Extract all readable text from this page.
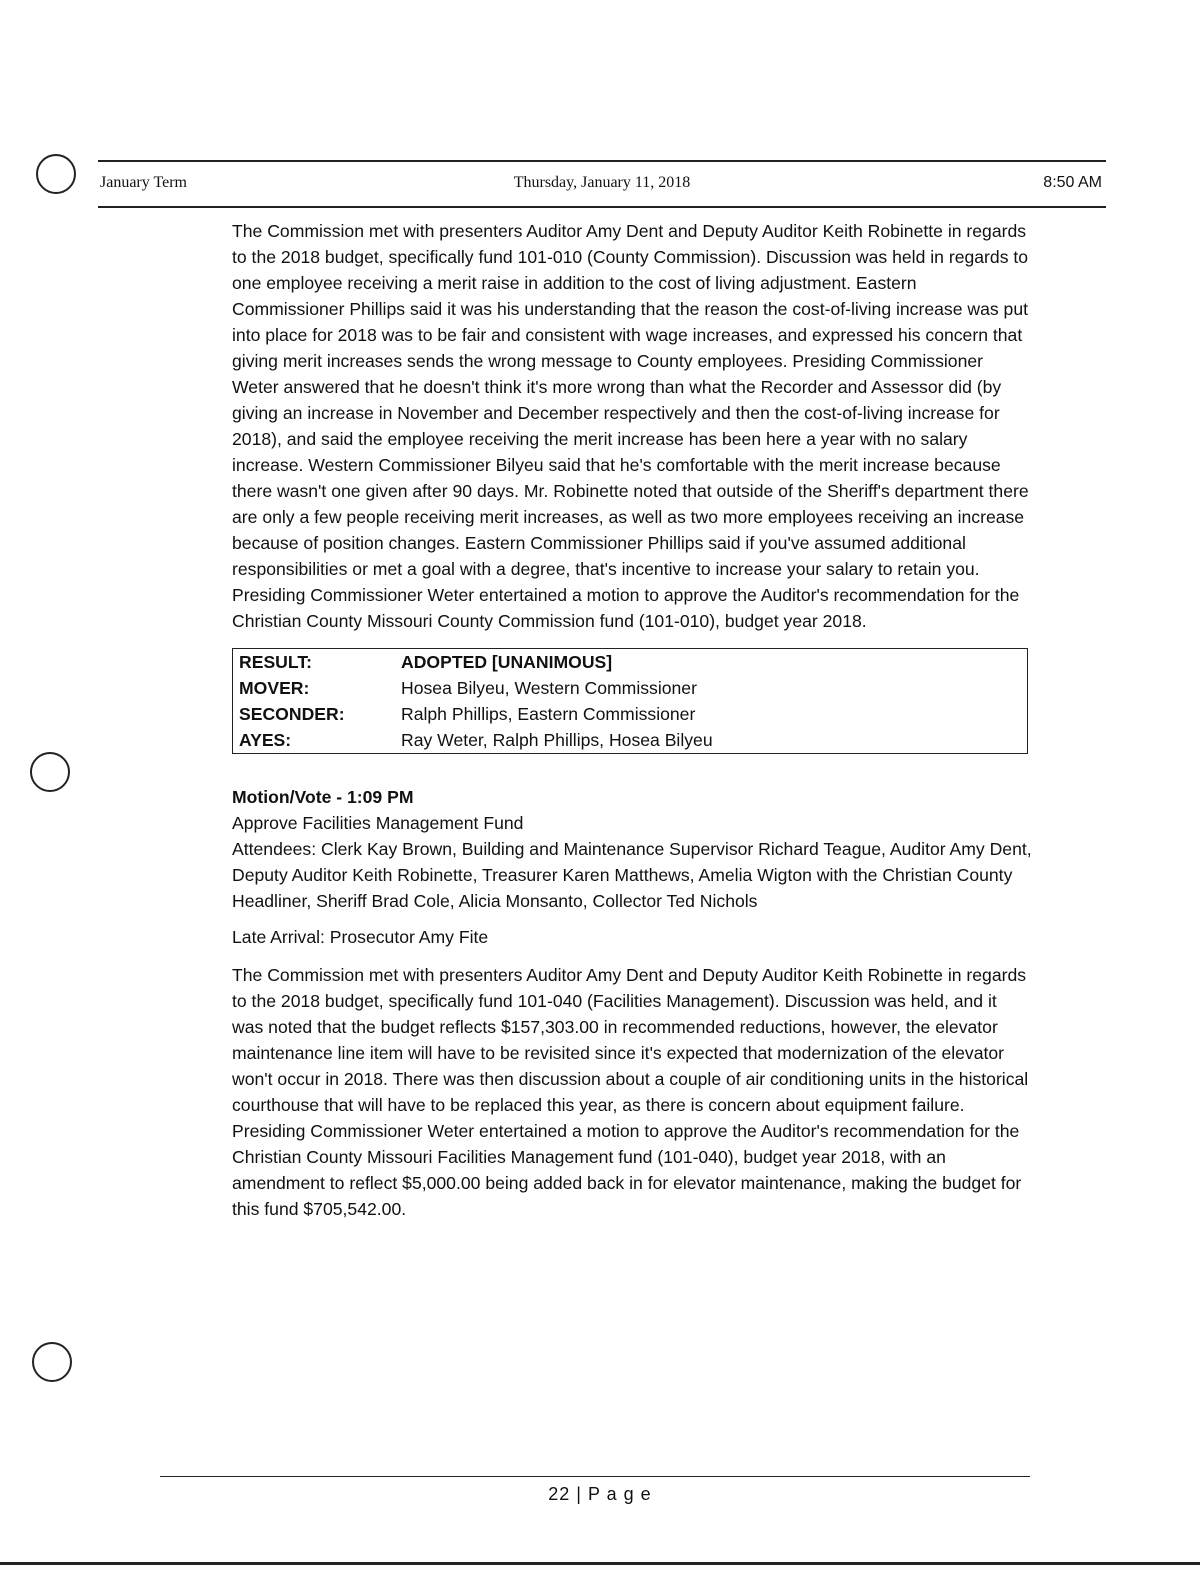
January Term	Thursday, January 11, 2018	8:50 AM

The Commission met with presenters Auditor Amy Dent and Deputy Auditor Keith Robinette in regards to the 2018 budget, specifically fund 101-010 (County Commission). Discussion was held in regards to one employee receiving a merit raise in addition to the cost of living adjustment. Eastern Commissioner Phillips said it was his understanding that the reason the cost-of-living increase was put into place for 2018 was to be fair and consistent with wage increases, and expressed his concern that giving merit increases sends the wrong message to County employees. Presiding Commissioner Weter answered that he doesn't think it's more wrong than what the Recorder and Assessor did (by giving an increase in November and December respectively and then the cost-of-living increase for 2018), and said the employee receiving the merit increase has been here a year with no salary increase. Western Commissioner Bilyeu said that he's comfortable with the merit increase because there wasn't one given after 90 days. Mr. Robinette noted that outside of the Sheriff's department there are only a few people receiving merit increases, as well as two more employees receiving an increase because of position changes. Eastern Commissioner Phillips said if you've assumed additional responsibilities or met a goal with a degree, that's incentive to increase your salary to retain you. Presiding Commissioner Weter entertained a motion to approve the Auditor's recommendation for the Christian County Missouri County Commission fund (101-010), budget year 2018.

RESULT:	ADOPTED [UNANIMOUS]
MOVER:	Hosea Bilyeu, Western Commissioner
SECONDER:	Ralph Phillips, Eastern Commissioner
AYES:	Ray Weter, Ralph Phillips, Hosea Bilyeu
Motion/Vote - 1:09 PM
Approve Facilities Management Fund
Attendees: Clerk Kay Brown, Building and Maintenance Supervisor Richard Teague, Auditor Amy Dent, Deputy Auditor Keith Robinette, Treasurer Karen Matthews, Amelia Wigton with the Christian County Headliner, Sheriff Brad Cole, Alicia Monsanto, Collector Ted Nichols
Late Arrival: Prosecutor Amy Fite

The Commission met with presenters Auditor Amy Dent and Deputy Auditor Keith Robinette in regards to the 2018 budget, specifically fund 101-040 (Facilities Management). Discussion was held, and it was noted that the budget reflects $157,303.00 in recommended reductions, however, the elevator maintenance line item will have to be revisited since it's expected that modernization of the elevator won't occur in 2018. There was then discussion about a couple of air conditioning units in the historical courthouse that will have to be replaced this year, as there is concern about equipment failure. Presiding Commissioner Weter entertained a motion to approve the Auditor's recommendation for the Christian County Missouri Facilities Management fund (101-040), budget year 2018, with an amendment to reflect $5,000.00 being added back in for elevator maintenance, making the budget for this fund $705,542.00.

22 | P a g e
